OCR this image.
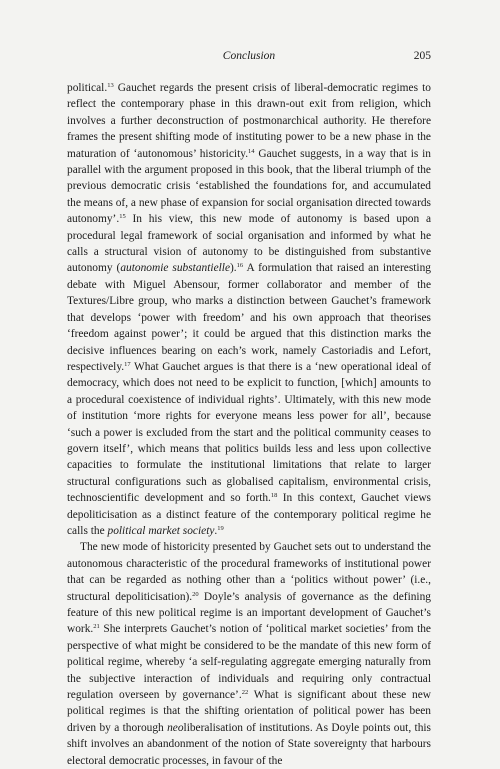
Conclusion	205

political.$^{13}$ Gauchet regards the present crisis of liberal-democratic regimes to reflect the contemporary phase in this drawn-out exit from religion, which involves a further deconstruction of postmonarchical authority. He therefore frames the present shifting mode of instituting power to be a new phase in the maturation of ‘autonomous’ historicity.$^{14}$ Gauchet suggests, in a way that is in parallel with the argument proposed in this book, that the liberal triumph of the previous democratic crisis ‘established the foundations for, and accumulated the means of, a new phase of expansion for social organisation directed towards autonomy’.$^{15}$ In his view, this new mode of autonomy is based upon a procedural legal framework of social organisation and informed by what he calls a structural vision of autonomy to be distinguished from substantive autonomy (autonomie substantielle).$^{16}$ A formulation that raised an interesting debate with Miguel Abensour, former collaborator and member of the Textures/Libre group, who marks a distinction between Gauchet’s framework that develops ‘power with freedom’ and his own approach that theorises ‘freedom against power’; it could be argued that this distinction marks the decisive influences bearing on each’s work, namely Castoriadis and Lefort, respectively.$^{17}$ What Gauchet argues is that there is a ‘new operational ideal of democracy, which does not need to be explicit to function, [which] amounts to a procedural coexistence of individual rights’. Ultimately, with this new mode of institution ‘more rights for everyone means less power for all’, because ‘such a power is excluded from the start and the political community ceases to govern itself’, which means that politics builds less and less upon collective capacities to formulate the institutional limitations that relate to larger structural configurations such as globalised capitalism, environmental crisis, technoscientific development and so forth.$^{18}$ In this context, Gauchet views depoliticisation as a distinct feature of the contemporary political regime he calls the political market society.$^{19}$

The new mode of historicity presented by Gauchet sets out to understand the autonomous characteristic of the procedural frameworks of institutional power that can be regarded as nothing other than a ‘politics without power’ (i.e., structural depoliticisation).$^{20}$ Doyle’s analysis of governance as the defining feature of this new political regime is an important development of Gauchet’s work.$^{21}$ She interprets Gauchet’s notion of ‘political market societies’ from the perspective of what might be considered to be the mandate of this new form of political regime, whereby ‘a self-regulating aggregate emerging naturally from the subjective interaction of individuals and requiring only contractual regulation overseen by governance’.$^{22}$ What is significant about these new political regimes is that the shifting orientation of political power has been driven by a thorough neoliberalisation of institutions. As Doyle points out, this shift involves an abandonment of the notion of State sovereignty that harbours electoral democratic processes, in favour of the
